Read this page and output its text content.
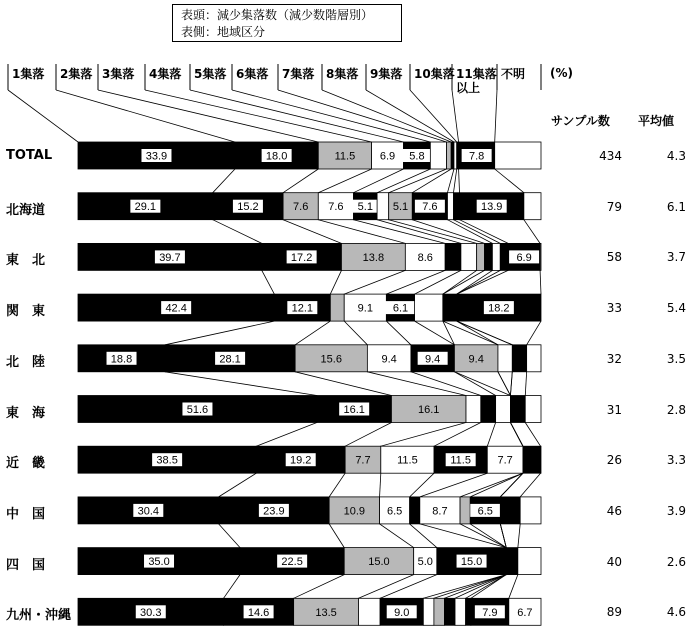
表頭：減少集落数（減少数階層別）
表側：地域区分
(%)
サンプル数 平均値
1集落 2集落 3集落 4集落 5集落 6集落 7集落 8集落 9集落 10集落 11集落
以上
不明
33.9	18.0	11.5 6.9 5.8	7.8
29.1	15.2	7.6 7.6 5.1 5.1 7.6	13.9
39.7	17.2	13.8	8.6	6.9
42.4	12.1	9.1 6.1	18.2
18.8	28.1	15.6	9.4	9.4	9.4
51.6	16.1	16.1
38.5	19.2	7.7 11.5	11.5 7.7
30.4	23.9	10.9 6.5	8.7	6.5
35.0	22.5	15.0	5.0	15.0
30.3	14.6	13.5	9.0	7.9 6.7
TOTAL	434	4.3
北海道	79	6.1
東　北	58	3.7
関　東	33	5.4
北　陸	32	3.5
東　海	31	2.8
近　畿	26	3.3
中　国	46	3.9
四　国	40	2.6
九州・沖縄	89	4.6
